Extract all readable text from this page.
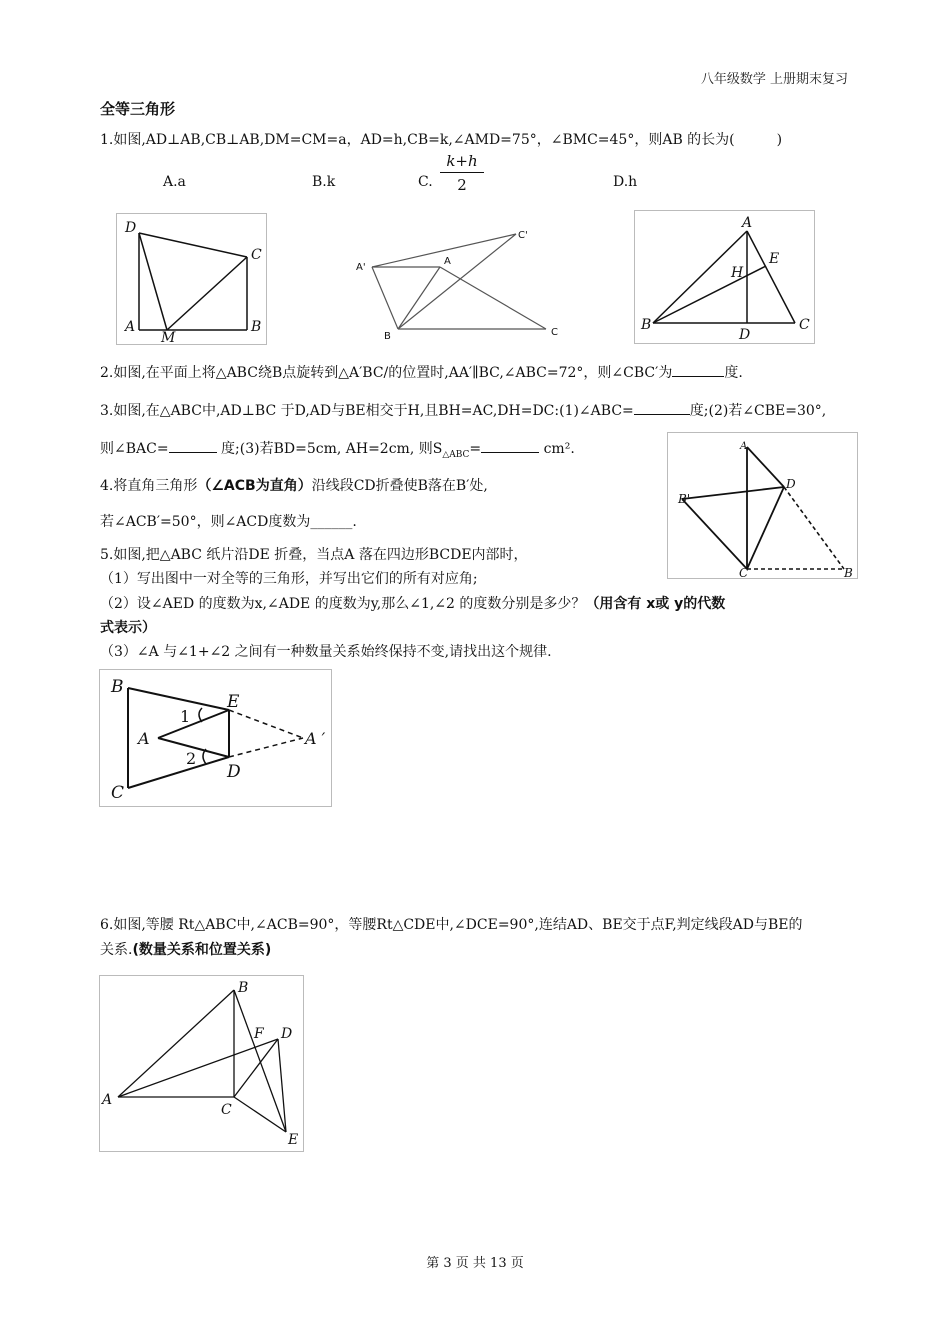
八年级数学 上册期末复习
全等三角形
1.如图,AD⊥AB,CB⊥AB,DM=CM=a，AD=h,CB=k,∠AMD=75°，∠BMC=45°，则AB 的长为(　　　)
A.a	B.k	C. $\frac{k+h}{2}$	D.h
D
C
A
M
B
A'
A
C'
B	C
A
E
H
B
D
C
2.如图,在平面上将△ABC绕B点旋转到△A′BC/的位置时,AA′∥BC,∠ABC=72°，则∠CBC′为	度.
3.如图,在△ABC中,AD⊥BC 于D,AD与BE相交于H,且BH=AC,DH=DC:(1)∠ABC=	度;(2)若∠CBE=30°,
则∠BAC=	度;(3)若BD=5cm, AH=2cm, 则$S_{\triangle ABC}=$	cm².	A
D
B'
C	B
4.将直角三角形（∠ACB为直角）沿线段CD折叠使B落在B′处,
若∠ACB′=50°，则∠ACD度数为______.
5.如图,把△ABC 纸片沿DE 折叠，当点A 落在四边形BCDE内部时，
（1）写出图中一对全等的三角形，并写出它们的所有对应角;
（2）设∠AED 的度数为x,∠ADE 的度数为y,那么∠1,∠2 的度数分别是多少？（用含有 x或 y的代数
式表示）
（3）∠A 与∠1+∠2 之间有一种数量关系始终保持不变,请找出这个规律.
B
E
1
A	A ′
2
D
C
6.如图,等腰 Rt△ABC中,∠ACB=90°，等腰Rt△CDE中,∠DCE=90°,连结AD、BE交于点F,判定线段AD与BE的
关系.(数量关系和位置关系)
B
F D
A
C
E
第 3 页 共 13 页
